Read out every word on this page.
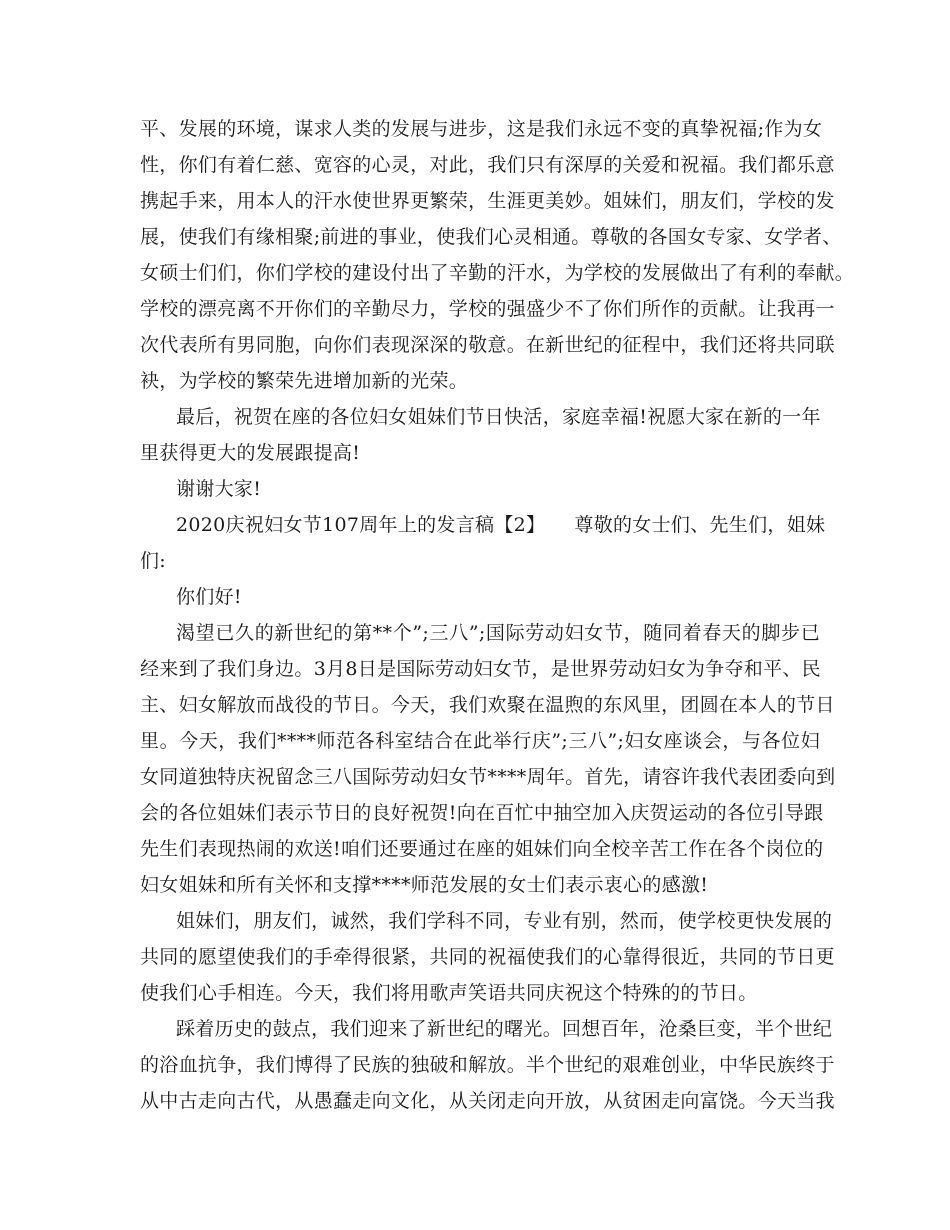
平、发展的环境，谋求人类的发展与进步，这是我们永远不变的真挚祝福;作为女
性，你们有着仁慈、宽容的心灵，对此，我们只有深厚的关爱和祝福。我们都乐意
携起手来，用本人的汗水使世界更繁荣，生涯更美妙。姐妹们，朋友们，学校的发
展，使我们有缘相聚;前进的事业，使我们心灵相通。尊敬的各国女专家、女学者、
女硕士们们，你们学校的建设付出了辛勤的汗水，为学校的发展做出了有利的奉献。
学校的漂亮离不开你们的辛勤尽力，学校的强盛少不了你们所作的贡献。让我再一
次代表所有男同胞，向你们表现深深的敬意。在新世纪的征程中，我们还将共同联
袂，为学校的繁荣先进增加新的光荣。
最后，祝贺在座的各位妇女姐妹们节日快活，家庭幸福!祝愿大家在新的一年
里获得更大的发展跟提高!
谢谢大家!
2020庆祝妇女节107周年上的发言稿【2】　　尊敬的女士们、先生们，姐妹
们:
你们好!
渴望已久的新世纪的第**个”;三八”;国际劳动妇女节，随同着春天的脚步已
经来到了我们身边。3月8日是国际劳动妇女节，是世界劳动妇女为争夺和平、民
主、妇女解放而战役的节日。今天，我们欢聚在温煦的东风里，团圆在本人的节日
里。今天，我们****师范各科室结合在此举行庆”;三八”;妇女座谈会，与各位妇
女同道独特庆祝留念三八国际劳动妇女节****周年。首先，请容许我代表团委向到
会的各位姐妹们表示节日的良好祝贺!向在百忙中抽空加入庆贺运动的各位引导跟
先生们表现热闹的欢送!咱们还要通过在座的姐妹们向全校辛苦工作在各个岗位的
妇女姐妹和所有关怀和支撑****师范发展的女士们表示衷心的感激!
姐妹们，朋友们，诚然，我们学科不同，专业有别，然而，使学校更快发展的
共同的愿望使我们的手牵得很紧，共同的祝福使我们的心靠得很近，共同的节日更
使我们心手相连。今天，我们将用歌声笑语共同庆祝这个特殊的的节日。
踩着历史的鼓点，我们迎来了新世纪的曙光。回想百年，沧桑巨变，半个世纪
的浴血抗争，我们博得了民族的独破和解放。半个世纪的艰难创业，中华民族终于
从中古走向古代，从愚蠢走向文化，从关闭走向开放，从贫困走向富饶。今天当我
